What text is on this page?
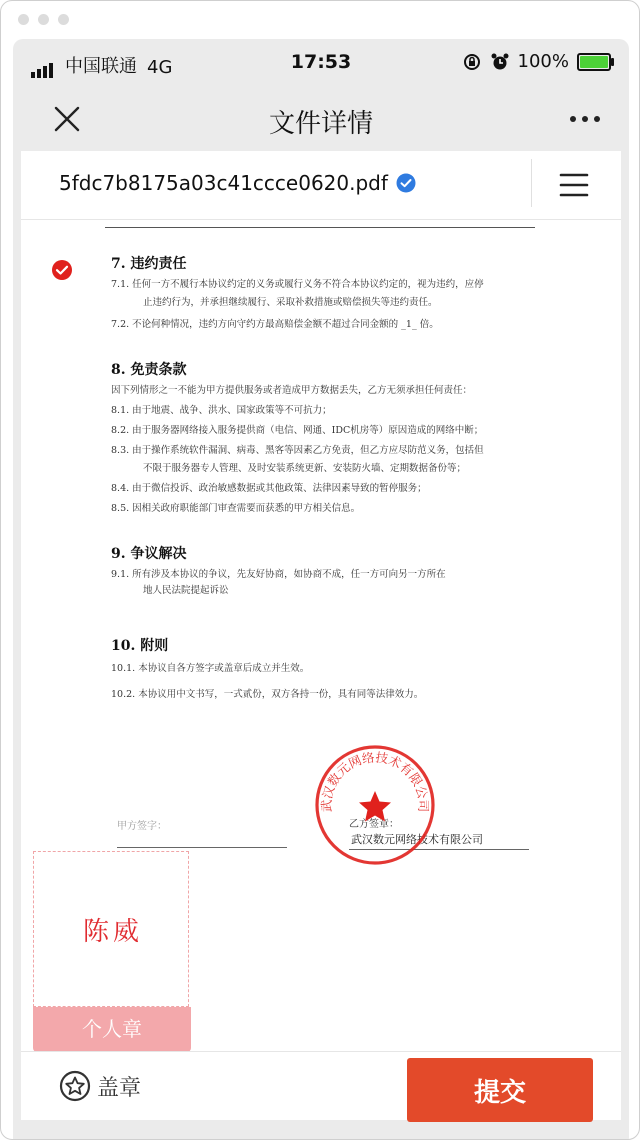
中国联通 4G	17:53	100%
文件详情
5fdc7b8175a03c41ccce0620.pdf
7. 违约责任
7.1. 任何一方不履行本协议约定的义务或履行义务不符合本协议约定的，视为违约，应停
止违约行为，并承担继续履行、采取补救措施或赔偿损失等违约责任。
7.2. 不论何种情况，违约方向守约方最高赔偿金额不超过合同金额的 _1_ 倍。
8. 免责条款
因下列情形之一不能为甲方提供服务或者造成甲方数据丢失，乙方无须承担任何责任：
8.1. 由于地震、战争、洪水、国家政策等不可抗力；
8.2. 由于服务器网络接入服务提供商（电信、网通、IDC机房等）原因造成的网络中断；
8.3. 由于操作系统软件漏洞、病毒、黑客等因素乙方免责，但乙方应尽防范义务，包括但
不限于服务器专人管理、及时安装系统更新、安装防火墙、定期数据备份等；
8.4. 由于微信投诉、政治敏感数据或其他政策、法律因素导致的暂停服务；
8.5. 因相关政府职能部门审查需要而获悉的甲方相关信息。
9. 争议解决
9.1. 所有涉及本协议的争议，先友好协商，如协商不成，任一方可向另一方所在
地人民法院提起诉讼
10. 附则
10.1. 本协议自各方签字或盖章后成立并生效。
10.2. 本协议用中文书写，一式贰份，双方各持一份，具有同等法律效力。
甲方签字：	乙方签章：
武汉数元网络技术有限公司
武汉数元网络技术有限公司
陈威
个人章
盖章	提交
